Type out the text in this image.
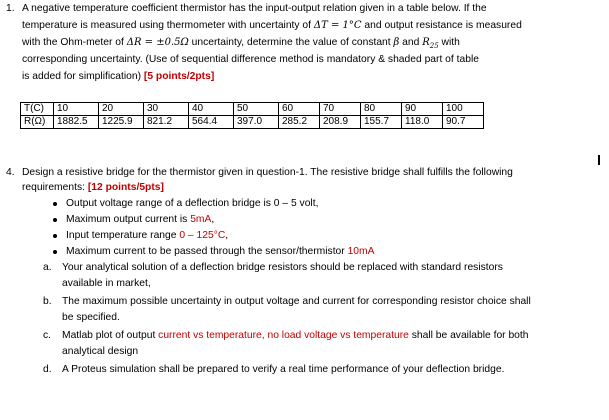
1. A negative temperature coefficient thermistor has the input-output relation given in a table below. If the
temperature is measured using thermometer with uncertainty of ΔT = 1°C and output resistance is measured
with the Ohm-meter of ΔR = ±0.5Ω uncertainty, determine the value of constant β and $R_{25}$ with
corresponding uncertainty. (Use of sequential difference method is mandatory & shaded part of table
is added for simplification) [5 points/2pts]
T(C)	10	20	30	40	50	60	70	80	90	100
R(Ω)	1882.5	1225.9	821.2	564.4	397.0	285.2	208.9	155.7	118.0	90.7
4. Design a resistive bridge for the thermistor given in question-1. The resistive bridge shall fulfills the following
requirements: [12 points/5pts]
Output voltage range of a deflection bridge is 0 – 5 volt,
Maximum output current is 5mA,
Input temperature range 0 – 125°C,
Maximum current to be passed through the sensor/thermistor 10mA
a. Your analytical solution of a deflection bridge resistors should be replaced with standard resistors
available in market,
b. The maximum possible uncertainty in output voltage and current for corresponding resistor choice shall
be specified.
c. Matlab plot of output current vs temperature, no load voltage vs temperature shall be available for both
analytical design
d. A Proteus simulation shall be prepared to verify a real time performance of your deflection bridge.
